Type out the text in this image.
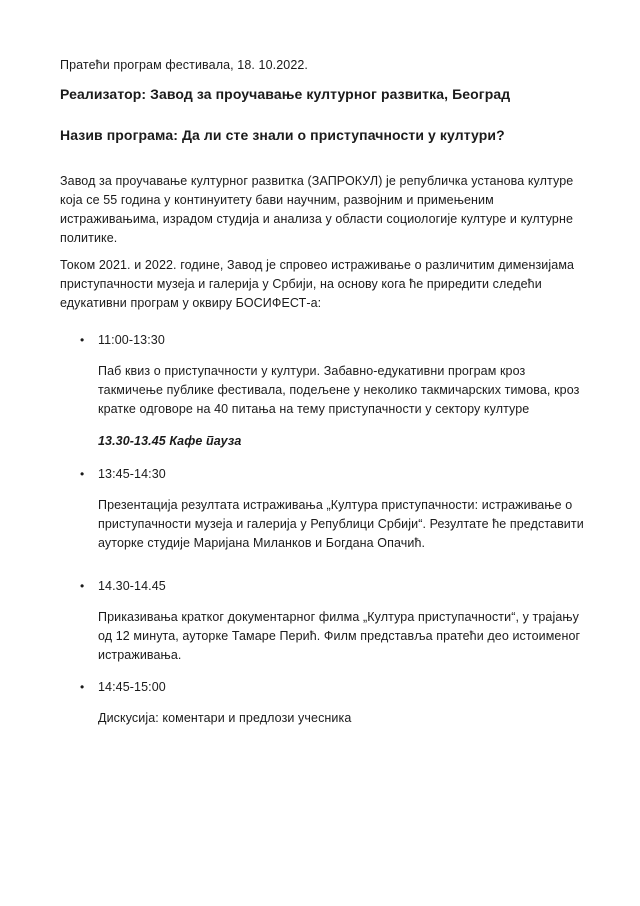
Пратећи програм фестивала, 18. 10.2022.

Реализатор: Завод за проучавање културног развитка, Београд

Назив програма: Да ли сте знали о приступачности у култури?

Завод за проучавање културног развитка (ЗАПРОКУЛ) је републичка установа културе која се 55 година у континуитету бави научним, развојним и примењеним истраживањима, израдом студија и анализа у области социологије културе и културне политике.

Током 2021. и 2022. године, Завод је спровео истраживање о различитим димензијама приступачности музеја и галерија у Србији, на основу кога ће приредити следећи едукативни програм у оквиру БОСИФЕСТ-а:

• 11:00-13:30

Паб квиз о приступачности у култури. Забавно-едукативни програм кроз такмичење публике фестивала, подељене у неколико такмичарских тимова, кроз кратке одговоре на 40 питања на тему приступачности у сектору културе

13.30-13.45 Кафе пауза

• 13:45-14:30

Презентација резултата истраживања „Култура приступачности: истраживање о приступачности музеја и галерија у Републици Србији“. Резултате ће представити ауторке студије Маријана Миланков и Богдана Опачић.

• 14.30-14.45

Приказивања кратког документарног филма „Култура приступачности“, у трајању од 12 минута, ауторке Тамаре Перић. Филм представља пратећи део истоименог истраживања.

• 14:45-15:00

Дискусија: коментари и предлози учесника
